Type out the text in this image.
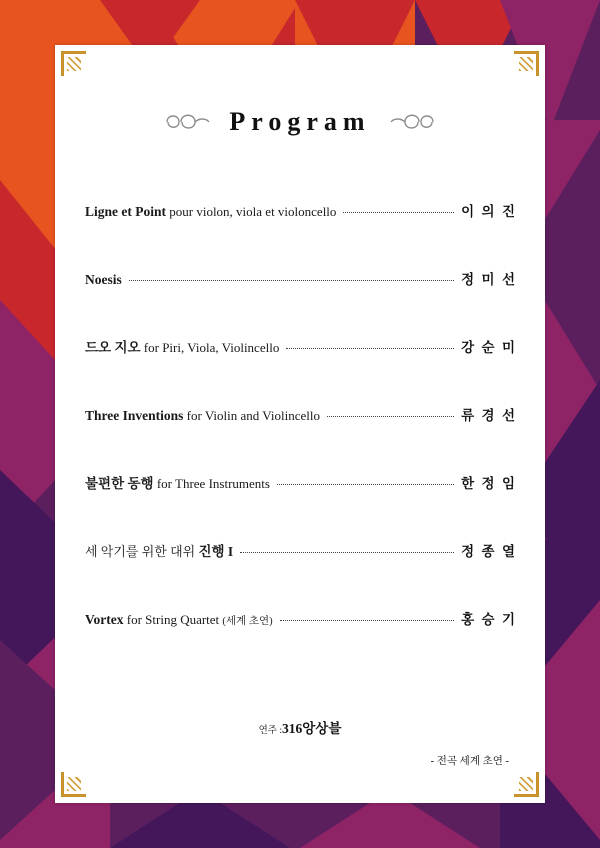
Program
Ligne et Point pour violon, viola et violoncello	이 의 진
Noesis	정 미 선
드오 지오 for Piri, Viola, Violincello	강 순 미
Three Inventions for Violin and Violincello	류 경 선
불편한 동행 for Three Instruments	한 정 임
세 악기를 위한 대위 진행 I	정 종 열
Vortex for String Quartet (세계 초연)	홍 승 기
연주 :316앙상블
- 전곡 세계 초연 -
